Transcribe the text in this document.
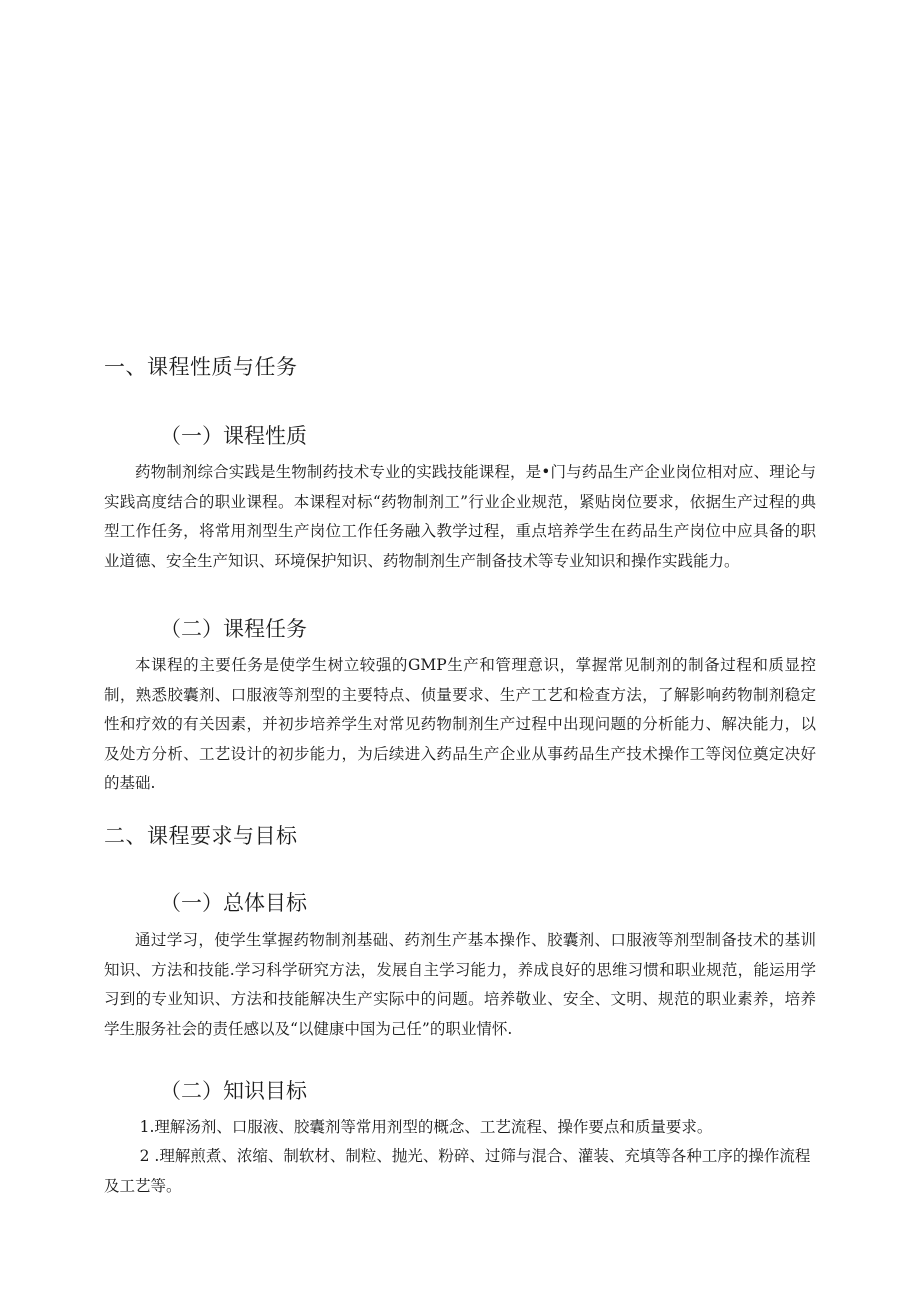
一、课程性质与任务
（一）课程性质

药物制剂综合实践是生物制药技术专业的实践技能课程，是•门与药品生产企业岗位相对应、理论与实践高度结合的职业课程。本课程对标“药物制剂工”行业企业规范，紧贴岗位要求，依据生产过程的典型工作任务，将常用剂型生产岗位工作任务融入教学过程，重点培养学生在药品生产岗位中应具备的职业道德、安全生产知识、环境保护知识、药物制剂生产制备技术等专业知识和操作实践能力。

（二）课程任务

本课程的主要任务是使学生树立较强的GMP生产和管理意识，掌握常见制剂的制备过程和质显控制，熟悉胶囊剂、口服液等剂型的主要特点、侦量要求、生产工艺和检查方法，了解影响药物制剂稳定性和疗效的有关因素，并初步培养学生对常见药物制剂生产过程中出现问题的分析能力、解决能力，以及处方分析、工艺设计的初步能力，为后续进入药品生产企业从事药品生产技术操作工等闵位奠定决好的基础.

二、课程要求与目标
（一）总体目标

通过学习，使学生掌握药物制剂基础、药剂生产基本操作、胶囊剂、口服液等剂型制备技术的基训知识、方法和技能.学习科学研究方法，发展自主学习能力，养成良好的思维习惯和职业规范，能运用学习到的专业知识、方法和技能解决生产实际中的问题。培养敬业、安全、文明、规范的职业素养，培养学生服务社会的责任感以及“以健康中国为己任”的职业情怀.

（二）知识目标

1.理解汤剂、口服液、胶囊剂等常用剂型的概念、工艺流程、操作要点和质量要求。

2 .理解煎煮、浓缩、制软材、制粒、抛光、粉碎、过筛与混合、灌装、充填等各种工序的操作流程及工艺等。
